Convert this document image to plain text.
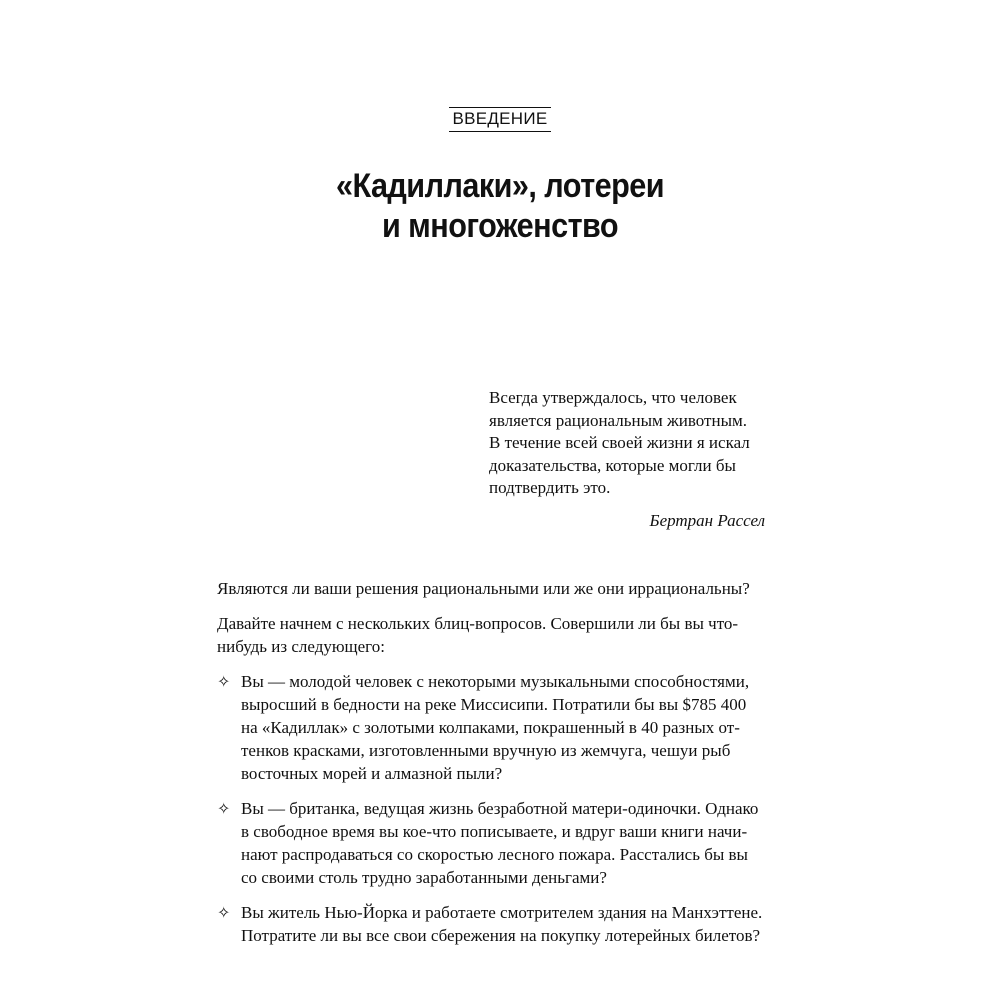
ВВЕДЕНИЕ
«Кадиллаки», лотереи
и многоженство
Всегда утверждалось, что человек
является рациональным животным.
В течение всей своей жизни я искал
доказательства, которые могли бы
подтвердить это.
Бертран Рассел

Являются ли ваши решения рациональными или же они иррациональны?

Давайте начнем с нескольких блиц-вопросов. Совершили ли бы вы что-
нибудь из следующего:

✧ Вы — молодой человек с некоторыми музыкальными способностями,
выросший в бедности на реке Миссисипи. Потратили бы вы $785 400
на «Кадиллак» с золотыми колпаками, покрашенный в 40 разных от-
тенков красками, изготовленными вручную из жемчуга, чешуи рыб
восточных морей и алмазной пыли?
✧ Вы — британка, ведущая жизнь безработной матери-одиночки. Однако
в свободное время вы кое-что пописываете, и вдруг ваши книги начи-
нают распродаваться со скоростью лесного пожара. Расстались бы вы
со своими столь трудно заработанными деньгами?
✧ Вы житель Нью-Йорка и работаете смотрителем здания на Манхэттене.
Потратите ли вы все свои сбережения на покупку лотерейных билетов?
